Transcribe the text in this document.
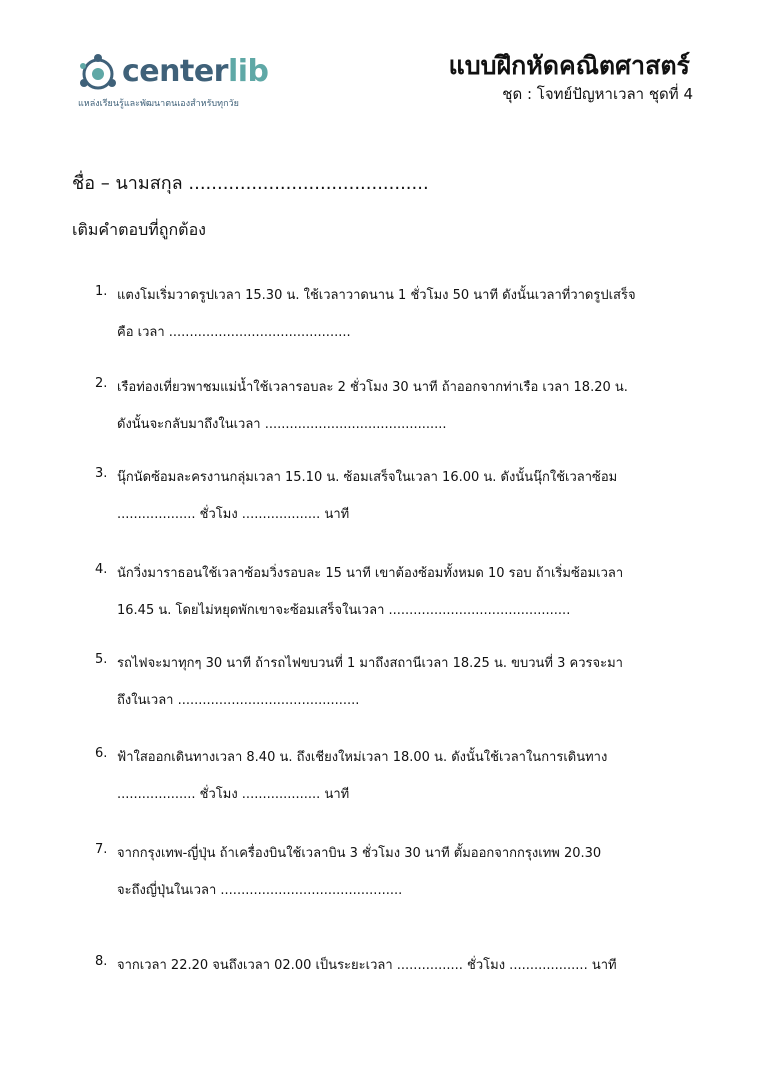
centerlib
แหล่งเรียนรู้และพัฒนาตนเองสำหรับทุกวัย
แบบฝึกหัดคณิตศาสตร์
ชุด : โจทย์ปัญหาเวลา ชุดที่ 4
ชื่อ – นามสกุล ..........................................
เติมคำตอบที่ถูกต้อง
1. แตงโมเริ่มวาดรูปเวลา 15.30 น. ใช้เวลาวาดนาน 1 ชั่วโมง 50 นาที ดังนั้นเวลาที่วาดรูปเสร็จ
คือ เวลา ............................................
2. เรือท่องเที่ยวพาชมแม่น้ำใช้เวลารอบละ 2 ชั่วโมง 30 นาที ถ้าออกจากท่าเรือ เวลา 18.20 น.
ดังนั้นจะกลับมาถึงในเวลา ............................................
3. นุ๊กนัดซ้อมละครงานกลุ่มเวลา 15.10 น. ซ้อมเสร็จในเวลา 16.00 น. ดังนั้นนุ๊กใช้เวลาซ้อม
................... ชั่วโมง ................... นาที
4. นักวิ่งมาราธอนใช้เวลาซ้อมวิ่งรอบละ 15 นาที เขาต้องซ้อมทั้งหมด 10 รอบ ถ้าเริ่มซ้อมเวลา
16.45 น. โดยไม่หยุดพักเขาจะซ้อมเสร็จในเวลา ............................................
5. รถไฟจะมาทุกๆ 30 นาที ถ้ารถไฟขบวนที่ 1 มาถึงสถานีเวลา 18.25 น. ขบวนที่ 3 ควรจะมา
ถึงในเวลา ............................................
6. ฟ้าใสออกเดินทางเวลา 8.40 น. ถึงเชียงใหม่เวลา 18.00 น. ดังนั้นใช้เวลาในการเดินทาง
................... ชั่วโมง ................... นาที
7. จากกรุงเทพ-ญี่ปุ่น ถ้าเครื่องบินใช้เวลาบิน 3 ชั่วโมง 30 นาที ตั้มออกจากกรุงเทพ 20.30
จะถึงญี่ปุ่นในเวลา ............................................
8. จากเวลา 22.20 จนถึงเวลา 02.00 เป็นระยะเวลา ................ ชั่วโมง ................... นาที
